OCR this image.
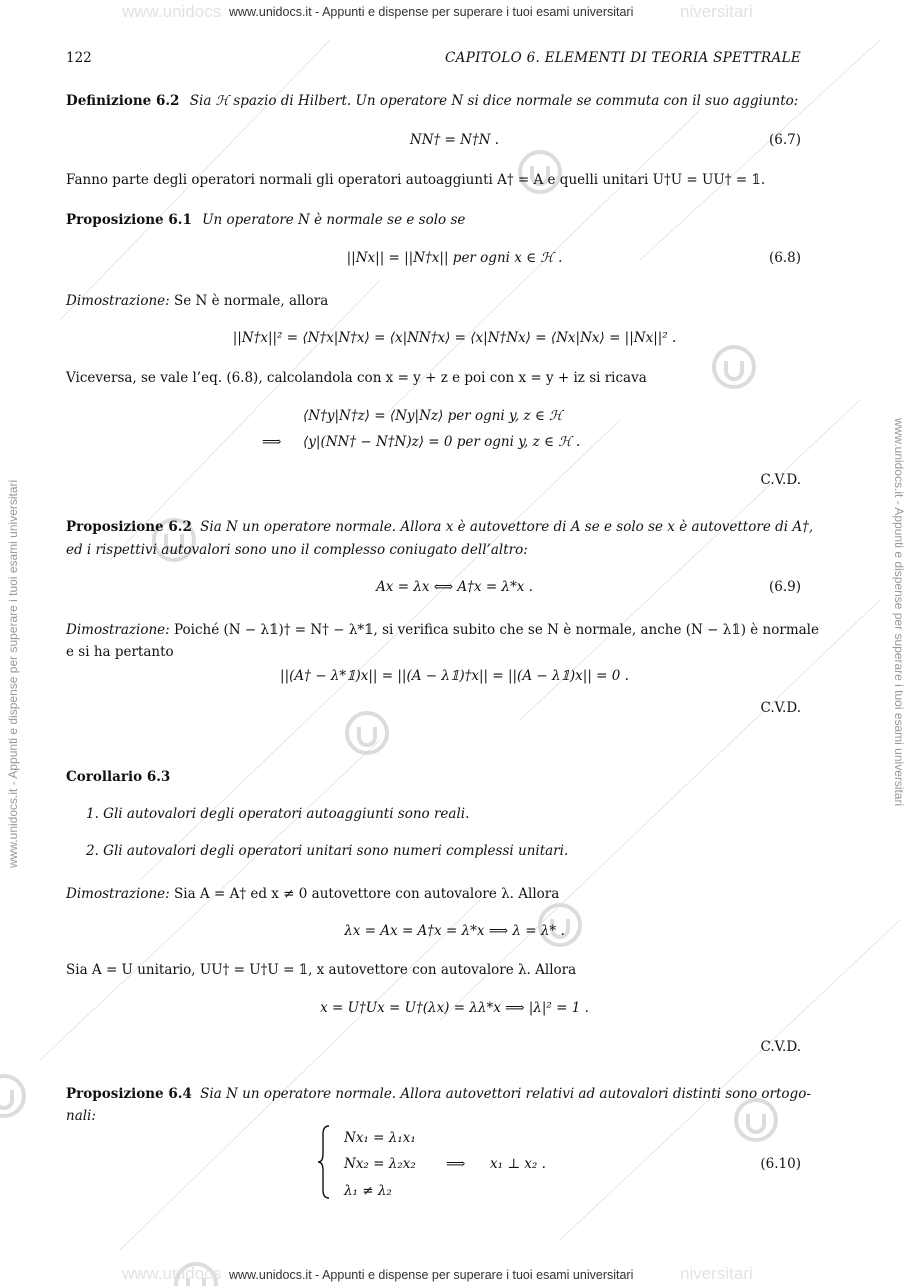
www.unidocs	niversitari
www.unidocs.it - Appunti e dispense per superare i tuoi esami universitari
www.unidocs	niversitari
www.unidocs.it - Appunti e dispense per superare i tuoi esami universitari
www.unidocs.it - Appunti e dispense per superare i tuoi esami universitari	www.unidocs.it - Appunti e dispense per superare i tuoi esami universitari
122	CAPITOLO 6. ELEMENTI DI TEORIA SPETTRALE
Definizione 6.2 Sia ℋ spazio di Hilbert. Un operatore N si dice normale se commuta con il suo aggiunto:
NN† = N†N .	(6.7)
Fanno parte degli operatori normali gli operatori autoaggiunti A† = A e quelli unitari U†U = UU† = 𝟙.
Proposizione 6.1 Un operatore N è normale se e solo se
||Nx|| = ||N†x|| per ogni x ∈ ℋ .	(6.8)
Dimostrazione: Se N è normale, allora
||N†x||² = ⟨N†x|N†x⟩ = ⟨x|NN†x⟩ = ⟨x|N†Nx⟩ = ⟨Nx|Nx⟩ = ||Nx||² .
Viceversa, se vale l’eq. (6.8), calcolandola con x = y + z e poi con x = y + iz si ricava
⟨N†y|N†z⟩ = ⟨Ny|Nz⟩ per ogni y, z ∈ ℋ
⟹ ⟨y|(NN† − N†N)z⟩ = 0 per ogni y, z ∈ ℋ .
C.V.D.
Proposizione 6.2 Sia N un operatore normale. Allora x è autovettore di A se e solo se x è autovettore di A†,
ed i rispettivi autovalori sono uno il complesso coniugato dell’altro:
Ax = λx ⟺ A†x = λ*x .	(6.9)
Dimostrazione: Poiché (N − λ𝟙)† = N† − λ*𝟙, si verifica subito che se N è normale, anche (N − λ𝟙) è normale
e si ha pertanto
||(A† − λ*𝟙)x|| = ||(A − λ𝟙)†x|| = ||(A − λ𝟙)x|| = 0 .
C.V.D.
Corollario 6.3
1. Gli autovalori degli operatori autoaggiunti sono reali.
2. Gli autovalori degli operatori unitari sono numeri complessi unitari.
Dimostrazione: Sia A = A† ed x ≠ 0 autovettore con autovalore λ. Allora
λx = Ax = A†x = λ*x ⟹ λ = λ* .
Sia A = U unitario, UU† = U†U = 𝟙, x autovettore con autovalore λ. Allora
x = U†Ux = U†(λx) = λλ*x ⟹ |λ|² = 1 .
C.V.D.
Proposizione 6.4 Sia N un operatore normale. Allora autovettori relativi ad autovalori distinti sono ortogo-
nali:
Nx₁ = λ₁x₁
Nx₂ = λ₂x₂
λ₁ ≠ λ₂
⟹ x₁ ⊥ x₂ .	(6.10)
